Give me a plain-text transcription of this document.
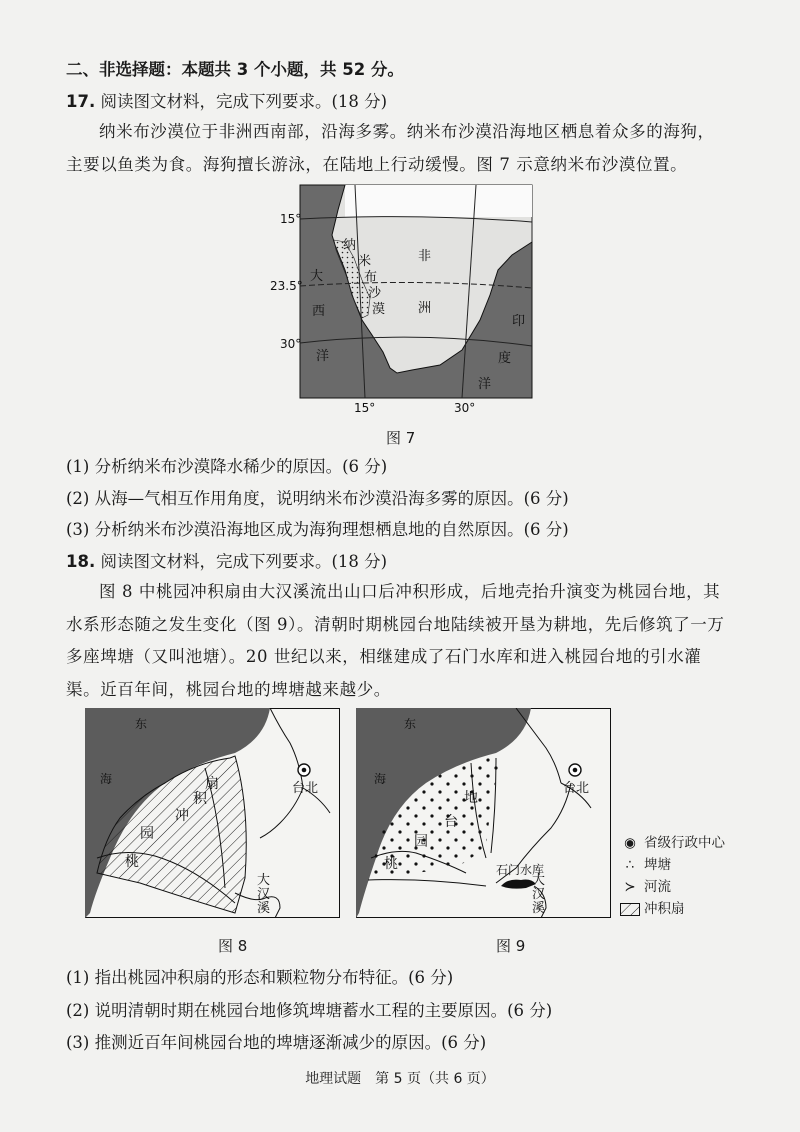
二、非选择题：本题共 3 个小题，共 52 分。
17. 阅读图文材料，完成下列要求。(18 分)
纳米布沙漠位于非洲西南部，沿海多雾。纳米布沙漠沿海地区栖息着众多的海狗，主要以鱼类为食。海狗擅长游泳，在陆地上行动缓慢。图 7 示意纳米布沙漠位置。
15°
23.5°
30°
15°	30°
纳
米
布
沙
漠
非
洲
大
西
洋
印
度
洋
图 7
(1) 分析纳米布沙漠降水稀少的原因。(6 分)
(2) 从海—气相互作用角度，说明纳米布沙漠沿海多雾的原因。(6 分)
(3) 分析纳米布沙漠沿海地区成为海狗理想栖息地的自然原因。(6 分)
18. 阅读图文材料，完成下列要求。(18 分)
图 8 中桃园冲积扇由大汉溪流出山口后冲积形成，后地壳抬升演变为桃园台地，其水系形态随之发生变化（图 9）。清朝时期桃园台地陆续被开垦为耕地，先后修筑了一万多座埤塘（又叫池塘）。20 世纪以来，相继建成了石门水库和进入桃园台地的引水灌渠。近百年间，桃园台地的埤塘越来越少。
东
海
桃
园
冲
积
扇	台北
大
汉
溪
图 8
东
海
桃
园
台
地
台北
石门水库
大
汉
溪
图 9
◉ 省级行政中心
∴ 埤塘
≻ 河流
冲积扇
(1) 指出桃园冲积扇的形态和颗粒物分布特征。(6 分)
(2) 说明清朝时期在桃园台地修筑埤塘蓄水工程的主要原因。(6 分)
(3) 推测近百年间桃园台地的埤塘逐渐减少的原因。(6 分)
地理试题　第 5 页（共 6 页）
